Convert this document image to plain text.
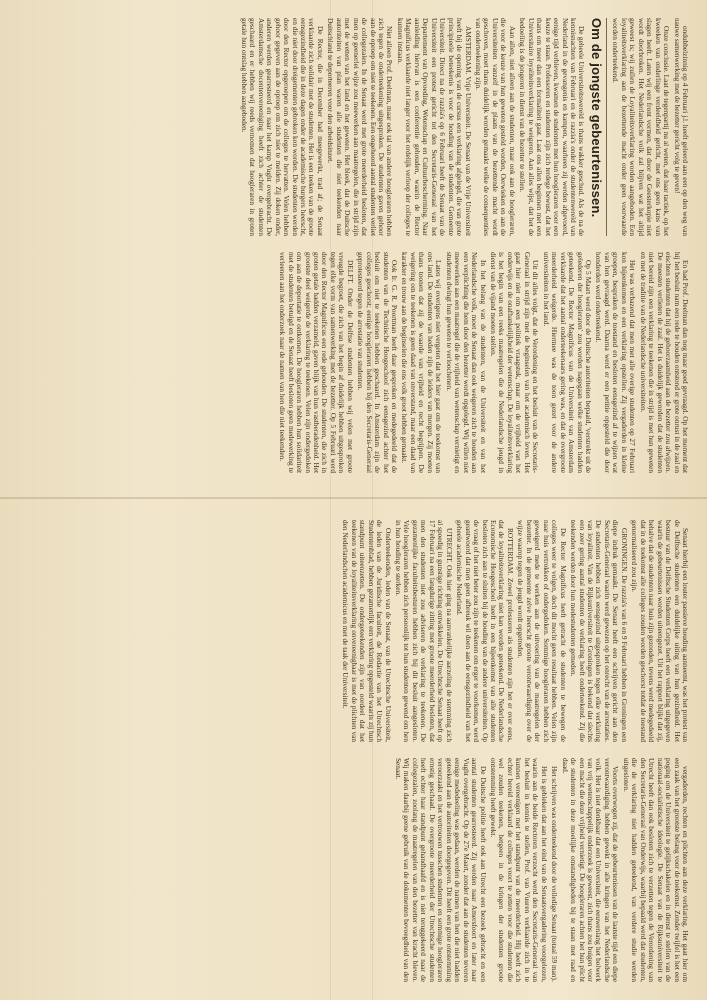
ondubbelzinnig op 4 Februari j.l. heeft geleerd aan een op den weg van nauwe samenwerking met de bezetter gericht volg te geven!

Onze conclusie. Laat de tegenpartij nu al weten, dat haar tactiek, op het kweeken van onderlinge verdeeldheid gericht, met ons geen kans van slagen heeft. Laten wij een front vormen, dat door de Geesterkopie niet wordt doorbroken. Het Nederlandsche volk zal blijven wat het altijd geweest is; wij zullen de Loyaliteitsverklaring worden aangeboden. Een loyaliteitsverklaring aan de bezettende macht onder geen voorwaarde worden onderteekend.

Om de jongste gebeurtenissen.

De geheele Universiteitswereld is thans wakker geschud. Als de na de kennisnachten van Februari en de razzia's onder de studentenwereld van Nederland in de gevangenis en kampen, waarheen zij werden afgevoerd, eenige tijd verbleven, kwamen de studenten met hun hoogleraren voor een keuze te staan. Professoren en studenten zijn zich terdege bewust, dat het thans om meer dan een formaliteit gaat. Laat ons allen beginnen met een Universitaire loyaliteitsverklaring te weigeren. Aan alles wijst, dat het de bedoeling is de jongeren in dienst van de bezetter te stellen.

Aan allen, niet alleen aan de studenten, maar ook aan de hoogleraren, die voor de keuze van hun geweten gesteld worden, Oerwieken en aan de Universiteiten vanzelf in de plaats van de bezettende macht wordt geschoven, moet thans duidelijk worden gemaakt welke de consequenties van onderteekening zijn.

AMSTERDAM. Vrije Universiteit. De Senaat van de Vrije Universiteit heeft bij de opening van de cursus een verklaring afgelegd, die van grote principieele beteekenis is voor de houding van de studenten. Gemeente Universiteit. Direct na de razzia's op 6 Februari heeft de Senaat van de Universiteit een protest gericht tot den Secretaris-Generaal van het Departement van Opvoeding, Wetenschap en Cultuurbescherming. Naar aanleiding hiervan is een conferentie gehouden, waarin de Rector Magnificus verklaarde niet langer voor het ordelijk verloop der colleges te kunnen instaan.

Niet alleen Prof. Deelman, maar ook tal van andere hoogleraren hebben zich tegen de onderteekening uitgesproken. De studenten gaven gehoor aan de oproep om niet te teekenen. Een ongehoord aantal studenten verliet de collegezalen. In de Senaat werd met grote meerderheid besloten, dat men op geenerlei wijze zou meewerken aan maatregelen, die in strijd zijn met de wetten van het land en het geweten. Het bleek, dat de Duitsche autoriteiten van plan waren alle studenten die niet teekenden naar Duitschland te deporteeren voor den arbeidsinzet.

De Rector, die in December had meegewerkt, trad af; de Senaat verklaarde zich solidair met de studenten. Het is een teeken van de groote eensgezindheid die in deze dagen onder de academische burgers heerscht, en die niet door dreigementen gebroken kon worden. De studenten werden door den Rector opgeroepen om de colleges te hervatten. Velen hebben gehoor gegeven aan de oproep om zich niet te melden. Zij doken onder, anderen werden gearresteerd en naar het kamp Vught overgebracht. De Amsterdamsche docentenvereeniging heeft zich achter de studenten geschaard en er hebben wij reeds vernomen dat hoogleraren in groten getale hun ontslag hebben aangeboden.

En had Prof. Deelman dan nog maar goed gevraagd. Op het moment dat hij het besluit nam een rede te houden ontstond er grote onrust in de zaal en eischten studenten dat hij de gehoorzaamheid aan de bezetter zou afwijzen. De meesten verlieten de zaal. Het is duidelijk geworden dat de studenten niet bereid zijn een verklaring te teekenen die in strijd is met hun geweten en met de traditie van de Nederlandsche universiteiten.

Het was verbazend dat men met alle overige studenten op 27 Februari kon bijeenkomen en een verklaring opstellen. Zij vergaderden in kleine groepen, bespraken de toestand en besloten eensgezind af te wijzen wat van hen gevraagd werd. Daarna werd er een petitie opgesteld die door honderden werd onderteekend.

Op 5 Maart werd door de Duitsche autoriteiten bepaald, 'verstrekt uit de gelederen der hoogleraren' zou worden nagegaan welke studenten hadden geteekend. De Rector Magnificus van de Universiteit van Amsterdam verklaarde dat het aantal onderteekenaars gering was, en dat de overgroote meerderheid weigerde. Hiermee was de toon gezet voor de andere universiteiten in het land.

Uit dit alles volgt, dat de Verordening en het besluit van de Secretaris-Generaal in strijd zijn met de beginselen van het academisch leven. Het gaat hier niet om een politiek vraagstuk, maar om de vrijheid van het onderwijs en de onafhankelijkheid der wetenschap. De loyaliteitsverklaring is het begin van een reeks maatregelen die de Nederlandsche jeugd in dienst van de vijand moeten stellen.

In het belang van de studenten, van de Universiteit en van het Nederlandsche volk, moet de Senaat dan ook weigeren zich te houden aan een verplichting die hem door den bezetter wordt opgelegd. Wij willen niet meewerken aan een maatregel die de vrijheid van wetenschap vernietigt en studenten dwingt hun geweten te verloochenen.

Laten wij overigens niet vergeten dat het hier gaat om de toekomst van ons land. De studenten van heden zijn de leiders van morgen. Zij moeten thans toonen dat zij de waarde van vrijheid en recht begrijpen. De weigering om te teekenen is geen daad van onverstand, maar een daad van karakter en trouw aan de beginselen die ons volk groot hebben gemaakt.

Ook Ir. G. R. Poortman heeft daar gesproken en medegedeeld dat de studenten van de Technische Hoogeschool zich eensgezind achter het besluit om niet te teekenen hebben geschaard. In Amsterdam zijn de colleges geschorst; eenige hoogleraren hebben bij den Secretaris-Generaal geprotesteerd tegen de arrestatie van studenten.

DELFT. Onder de Delftse studenten hebben wij velen met groote vreugde begroet, die zich van het begin af duidelijk hebben uitgesproken tegen elke vorm van samenwerking met de bezetter. Op 5 Februari werd door den Rector Magnificus een rede gehouden. De studenten, die zich in groten getale hadden verzameld, gaven blijk van hun vastberadenheid. Het grootste deel weigerde de verklaring te teekenen. Velen zijn ondergedoken om aan de deportatie te ontkomen. De hoogleraren hebben hun solidariteit met de studenten betuigd en de Senaat heeft besloten geen medewerking te verleenen aan het onderzoek naar de namen van hen die niet teekenden.

Senaat hierbij een louter passieve houding aanneemt, was het protest van de Delftsche studenten een duidelijke uiting van hun gezindheid. Het bestuur van de Delftsche Studenten Corps heeft een verklaring uitgegeven waarin de gebeurtenissen worden uiteengezet. Uit het rapport blijkt dat zij, behalve dat de studenten naar huis zijn gezonden, tevens werd medegedeeld dat in de toekomst alle colleges zouden worden geschorst totdat de toestand genormaliseerd zou zijn.

GRONINGEN. De razzia's van 6 en 9 Februari hebben in Groningen een diepe indruk gemaakt. De Senaat heeft een schrijven gericht aan den Secretaris-Generaal waarin werd gewezen op het onrecht van de arrestaties. De studenten hebben zich eensgezind uitgesproken tegen elke verklaring van loyaliteit. Van de Rijksuniversiteit te Groningen is bekend dat slechts een zeer gering aantal studenten de verklaring heeft onderteekend. Zij die teekenden werden door hun medestudenten gemeden.

De Rector Magnificus heeft getracht de studenten te bewegen de colleges weer te volgen, doch dit mocht geen resultaat hebben. Velen zijn naar huis vertrokken of ondergedoken. Sommige hoogleraren hebben zich geweigerd mede te werken aan de uitvoering van de maatregelen der bezetter. In de gemeente zelve heerscht groote verontwaardiging over de wijze waarop tegen de jeugd wordt opgetreden.

ROTTERDAM. Zowel professoren als studenten zijn het er over eens, dat de loyaliteitsverklaring niet kan worden geteekend. De Nederlandsche Economische Hoogeschool heeft in een bijeenkomst van alle studenten besloten zich aan te sluiten bij de houding van de andere universiteiten. Op de vraag of het niet beter zou zijn te teekenen om erger te voorkomen, werd geantwoord dat men geen afbreuk wil doen aan de eensgezindheid van het geheele academische Nederland.

UTRECHT. Ook hier ging na aanvankelijke aarzeling de stemming zich al spoedig in gunstige richting ontwikkelen. De Utrechtsche Senaat heeft op 17 Februari na een langdurige zitting met groote meerderheid besloten, dat men den studenten niet zou adviseren de verklaring te teekenen. De gezamenlijke faculteitsbesturen hebben zich bij dit besluit aangesloten. Vele hoogleraren hebben zich persoonlijk tot hun studenten gewend om hen in hun houding te sterken.

Onderteekenden, leden van de Senaat, van de Utrechtsche Universiteit, de leden van de Juridische faculteit, de Redactie van het Utrechtsch Studentenblad, hebben gezamenlijk een verklaring opgesteld waarin zij hun standpunt uiteenzetten. De ondergeteekenden zijn van oordeel dat het teekenen van de loyaliteitsverklaring onvereenigbaar is met de plichten van den Nederlandschen academicus en met de taak der Universiteit.

vergaderden, rechten en plichten aan deze verklaring. Het gaat hier om een zaak van het grootste belang voor de toekomst. Zonder twijfel is het een poging om de Universiteit te gelijkschakelen en in dienst te stellen van de nationaal-socialistische ideologie. De Senaat van de Rijksuniversiteit te Utrecht heeft dan ook besloten zich te verzetten tegen de Verordening van den Secretaris-Generaal van Onderwijs, waarbij bepaald werd dat studenten, die de verklaring niet hadden geteekend, van verdere studie werden uitgesloten.

Voorts overwogen zij, dat de gebeurtenissen van de laatste tijd een diepe verontwaardiging hebben gewekt in alle kringen van het Nederlandsche volk. Het is niet denkbaar dat een Universiteit, die eeuwenlang het bolwerk van vrij wetenschappelijk onderzoek is geweest, zich thans zou buigen voor een macht die deze vrijheid vernietigt. De hoogleraren achten het hun plicht de studenten in deze moeilijke omstandigheden bij te staan met raad en daad.

Het schrijven was onderteekend door de volledige Senaat (totaal 59 man).

Het is gebleken dat aan het eind van de Senaatsvergadering voorgelezen, waarin aan de beide Rectoren verzocht werd den Secretaris-Generaal van het besluit in kennis te stellen, Prof. van Vuuren verklaarde zich in te kunnen vereenigen met het standpunt van de meerderheid. Hij heeft zich echter bereid verklaard de colleges voort te zetten voor die studenten die wel zouden teekenen, hetgeen in de kringen der studenten groote ontstemming heeft gewekt.

De Duitsche politie heeft ook aan Utrecht een bezoek gebracht en een aantal studenten gearresteerd. Zij werden naar Amersfoort en later naar Vught overgebracht. Op de 27e Maart, zonder dat aan de studenten tevoren eenige mededeeling was gedaan, werden de namen van hen die niet hadden geteekend aan de autoriteiten doorgegeven. Dit heeft een grote ontstemming veroorzaakt en het vertrouwen tusschen studenten en sommige hoogleraren ernstig geschaad. De overgroote meerderheid der Utrechtsche studenten heeft echter haar standpunt gehandhaafd en is niet teruggekeerd naar de collegezalen, zoolang de maatregelen van den bezetter van kracht bleven. Wij maken daarbij geene gebruik van de dokumenten bevoegdheid van den Senaat.
